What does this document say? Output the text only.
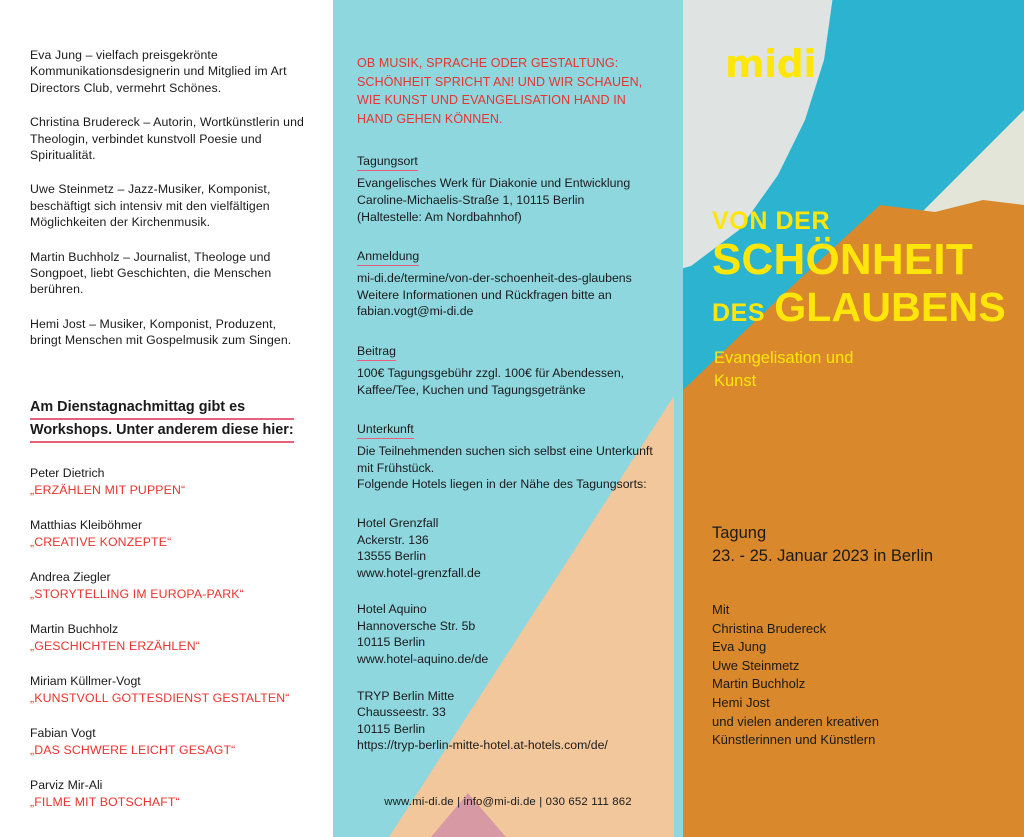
Eva Jung – vielfach preisgekrönte Kommunikationsdesignerin und Mitglied im Art Directors Club, vermehrt Schönes.

Christina Brudereck – Autorin, Wortkünstlerin und Theologin, verbindet kunstvoll Poesie und Spiritualität.

Uwe Steinmetz – Jazz-Musiker, Komponist, beschäftigt sich intensiv mit den vielfältigen Möglichkeiten der Kirchenmusik.

Martin Buchholz – Journalist, Theologe und Songpoet, liebt Geschichten, die Menschen berühren.

Hemi Jost – Musiker, Komponist, Produzent, bringt Menschen mit Gospelmusik zum Singen.

Am Dienstagnachmittag gibt es
Workshops. Unter anderem diese hier:

Peter Dietrich

„ERZÄHLEN MIT PUPPEN“

Matthias Kleiböhmer

„CREATIVE KONZEPTE“

Andrea Ziegler

„STORYTELLING IM EUROPA-PARK“

Martin Buchholz

„GESCHICHTEN ERZÄHLEN“

Miriam Küllmer-Vogt

„KUNSTVOLL GOTTESDIENST GESTALTEN“

Fabian Vogt

„DAS SCHWERE LEICHT GESAGT“

Parviz Mir-Ali

„FILME MIT BOTSCHAFT“

OB MUSIK, SPRACHE ODER GESTALTUNG: SCHÖNHEIT SPRICHT AN! UND WIR SCHAUEN, WIE KUNST UND EVANGELISATION HAND IN HAND GEHEN KÖNNEN.

Tagungsort

Evangelisches Werk für Diakonie und Entwicklung
Caroline-Michaelis-Straße 1, 10115 Berlin
(Haltestelle: Am Nordbahnhof)

Anmeldung

mi-di.de/termine/von-der-schoenheit-des-glaubens
Weitere Informationen und Rückfragen bitte an
fabian.vogt@mi-di.de

Beitrag

100€ Tagungsgebühr zzgl. 100€ für Abendessen,
Kaffee/Tee, Kuchen und Tagungsgetränke

Unterkunft

Die Teilnehmenden suchen sich selbst eine Unterkunft
mit Frühstück.
Folgende Hotels liegen in der Nähe des Tagungsorts:

Hotel Grenzfall
Ackerstr. 136
13555 Berlin
www.hotel-grenzfall.de

Hotel Aquino
Hannoversche Str. 5b
10115 Berlin
www.hotel-aquino.de/de

TRYP Berlin Mitte
Chausseestr. 33
10115 Berlin
https://tryp-berlin-mitte-hotel.at-hotels.com/de/

www.mi-di.de | info@mi-di.de | 030 652 111 862
midi

VON DER

SCHÖNHEIT

DES GLAUBENS

Evangelisation und
Kunst

Tagung

23. - 25. Januar 2023 in Berlin

Mit
Christina Brudereck
Eva Jung
Uwe Steinmetz
Martin Buchholz
Hemi Jost
und vielen anderen kreativen
Künstlerinnen und Künstlern
